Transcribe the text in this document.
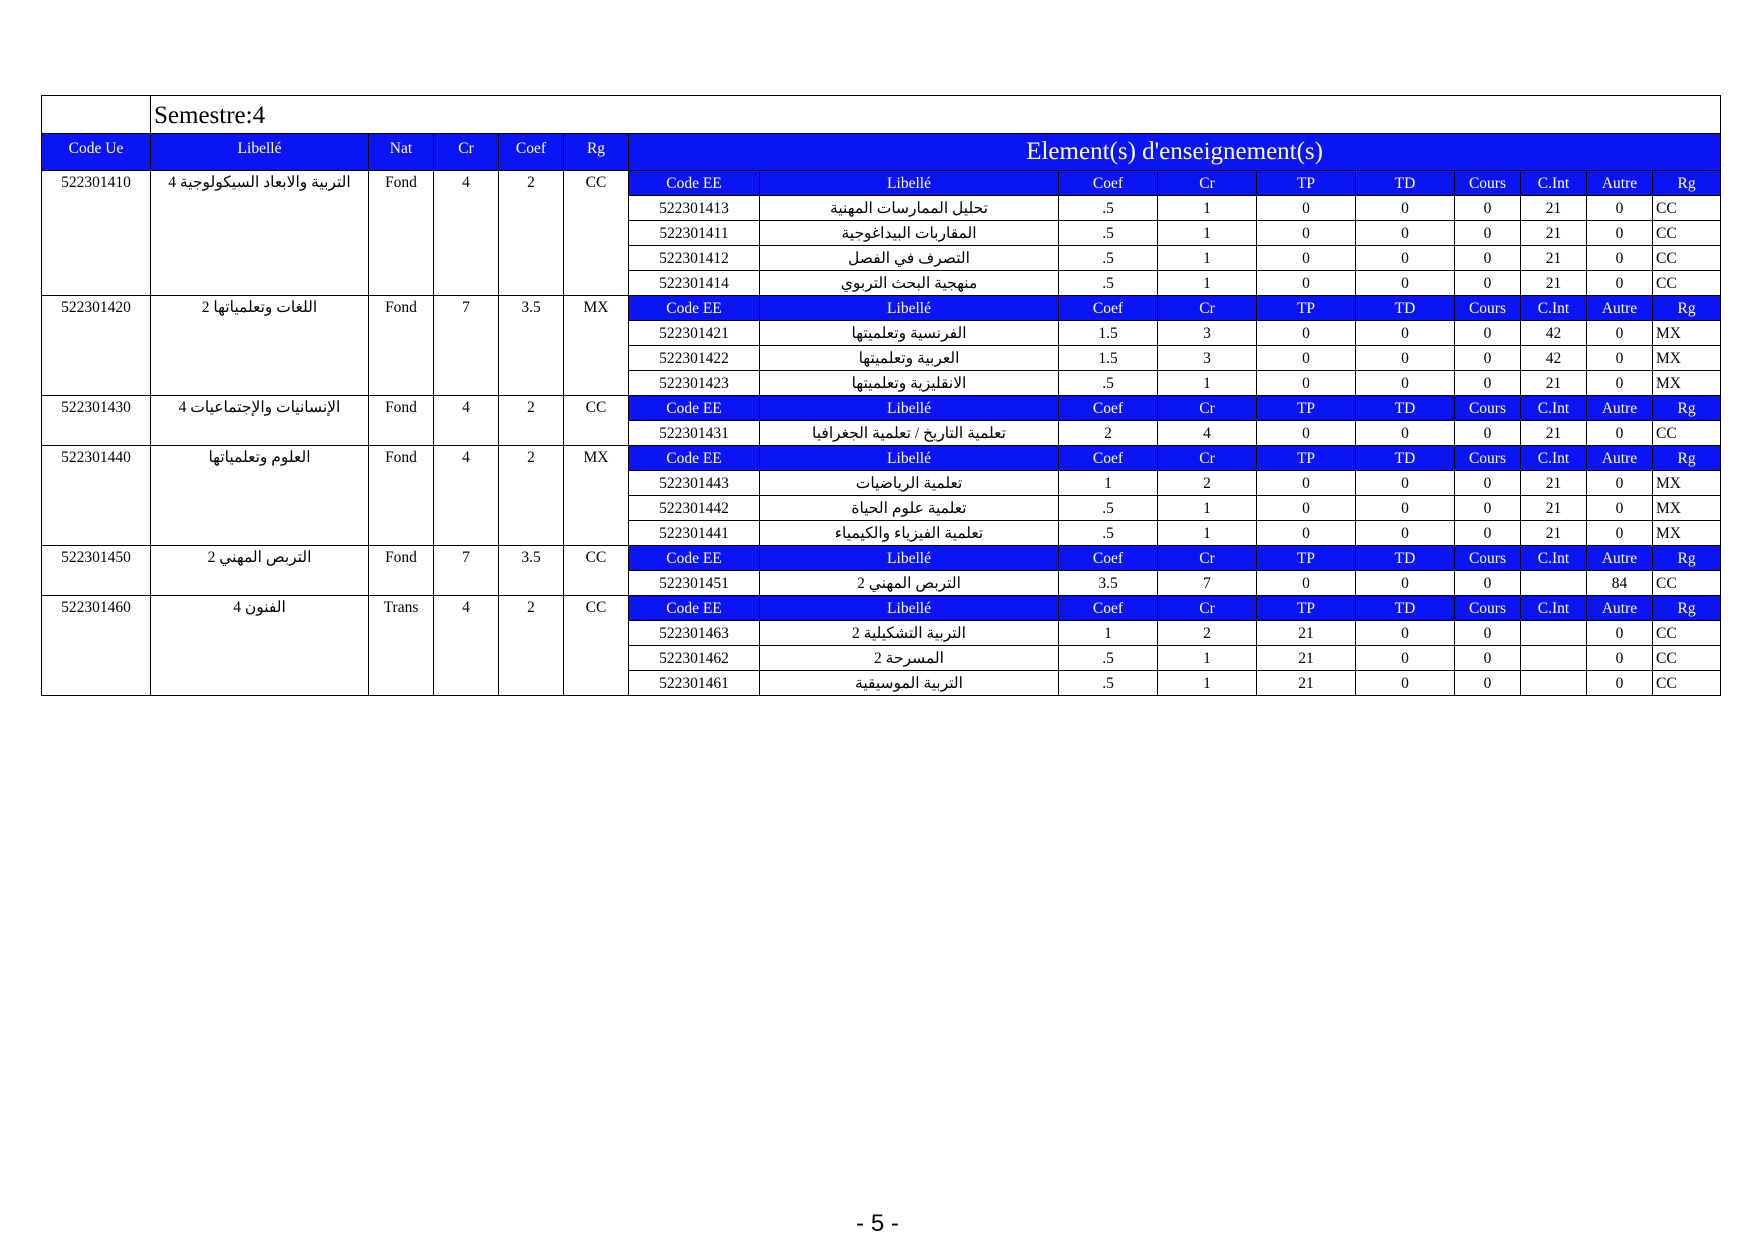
	Semestre:4														
Code Ue	Libellé	Nat	Cr	Coef	Rg	Element(s) d'enseignement(s)									
522301410	التربية والابعاد السيكولوجية 4	Fond	4	2	CC	Code EE	Libellé	Coef	Cr	TP	TD	Cours	C.Int	Autre	Rg
						522301413	تحليل الممارسات المهنية	.5	1	0	0	0	21	0	CC
						522301411	المقاربات البيداغوجية	.5	1	0	0	0	21	0	CC
						522301412	التصرف في الفصل	.5	1	0	0	0	21	0	CC
						522301414	منهجية البحث التربوي	.5	1	0	0	0	21	0	CC
522301420	اللغات وتعلمياتها 2	Fond	7	3.5	MX	Code EE	Libellé	Coef	Cr	TP	TD	Cours	C.Int	Autre	Rg
						522301421	الفرنسية وتعلميتها	1.5	3	0	0	0	42	0	MX
						522301422	العربية وتعلميتها	1.5	3	0	0	0	42	0	MX
						522301423	الانقليزية وتعلميتها	.5	1	0	0	0	21	0	MX
522301430	الإنسانيات والإجتماعيات 4	Fond	4	2	CC	Code EE	Libellé	Coef	Cr	TP	TD	Cours	C.Int	Autre	Rg
						522301431	تعلمية التاريخ / تعلمية الجغرافيا	2	4	0	0	0	21	0	CC
522301440	العلوم وتعلمياتها	Fond	4	2	MX	Code EE	Libellé	Coef	Cr	TP	TD	Cours	C.Int	Autre	Rg
						522301443	تعلمية الرياضيات	1	2	0	0	0	21	0	MX
						522301442	تعلمية علوم الحياة	.5	1	0	0	0	21	0	MX
						522301441	تعلمية الفيزياء والكيمياء	.5	1	0	0	0	21	0	MX
522301450	التربص المهني 2	Fond	7	3.5	CC	Code EE	Libellé	Coef	Cr	TP	TD	Cours	C.Int	Autre	Rg
						522301451	التربص المهني 2	3.5	7	0	0	0		84	CC
522301460	الفنون 4	Trans	4	2	CC	Code EE	Libellé	Coef	Cr	TP	TD	Cours	C.Int	Autre	Rg
						522301463	التربية التشكيلية 2	1	2	21	0	0		0	CC
						522301462	المسرحة 2	.5	1	21	0	0		0	CC
						522301461	التربية الموسيقية	.5	1	21	0	0		0	CC
- 5 -
